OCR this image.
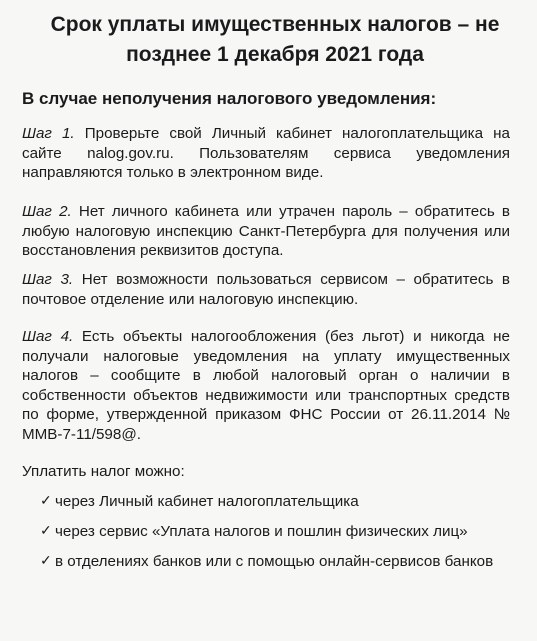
Срок уплаты имущественных налогов – не позднее 1 декабря 2021 года
В случае неполучения налогового уведомления:
Шаг 1. Проверьте свой Личный кабинет налогоплательщика на сайте nalog.gov.ru. Пользователям сервиса уведомления направляются только в электронном виде.
Шаг 2. Нет личного кабинета или утрачен пароль – обратитесь в любую налоговую инспекцию Санкт-Петербурга для получения или восстановления реквизитов доступа.
Шаг 3. Нет возможности пользоваться сервисом – обратитесь в почтовое отделение или налоговую инспекцию.
Шаг 4. Есть объекты налогообложения (без льгот) и никогда не получали налоговые уведомления на уплату имущественных налогов – сообщите в любой налоговый орган о наличии в собственности объектов недвижимости или транспортных средств по форме, утвержденной приказом ФНС России от 26.11.2014 № ММВ-7-11/598@.
Уплатить налог можно:
✓ через Личный кабинет налогоплательщика
✓ через сервис «Уплата налогов и пошлин физических лиц»
✓ в отделениях банков или с помощью онлайн-сервисов банков
